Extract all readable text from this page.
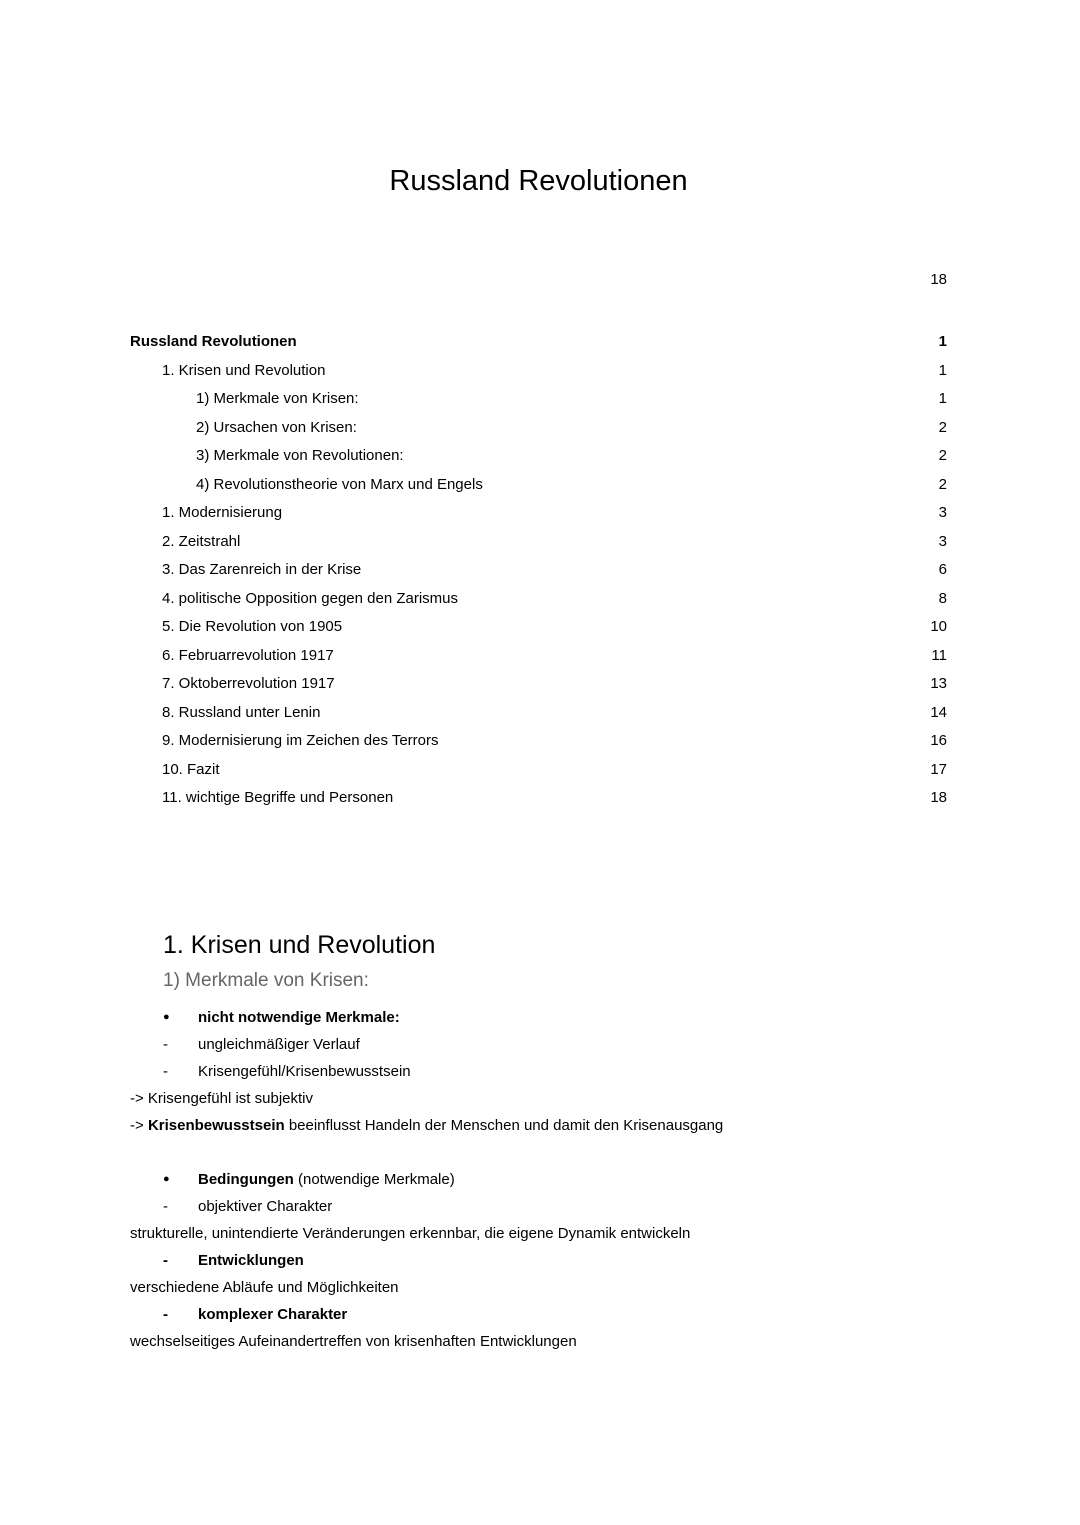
Russland Revolutionen
18
Russland Revolutionen	1
1. Krisen und Revolution	1
1) Merkmale von Krisen:	1
2) Ursachen von Krisen:	2
3) Merkmale von Revolutionen:	2
4) Revolutionstheorie von Marx und Engels	2
1. Modernisierung	3
2. Zeitstrahl	3
3. Das Zarenreich in der Krise	6
4. politische Opposition gegen den Zarismus	8
5. Die Revolution von 1905	10
6. Februarrevolution 1917	11
7. Oktoberrevolution 1917	13
8. Russland unter Lenin	14
9. Modernisierung im Zeichen des Terrors	16
10. Fazit	17
11. wichtige Begriffe und Personen	18
1. Krisen und Revolution
1) Merkmale von Krisen:
●	nicht notwendige Merkmale:
-	ungleichmäßiger Verlauf
-	Krisengefühl/Krisenbewusstsein
-> Krisengefühl ist subjektiv
-> Krisenbewusstsein beeinflusst Handeln der Menschen und damit den Krisenausgang
●	Bedingungen (notwendige Merkmale)
-	objektiver Charakter
strukturelle, unintendierte Veränderungen erkennbar, die eigene Dynamik entwickeln
-	Entwicklungen
verschiedene Abläufe und Möglichkeiten
-	komplexer Charakter
wechselseitiges Aufeinandertreffen von krisenhaften Entwicklungen
